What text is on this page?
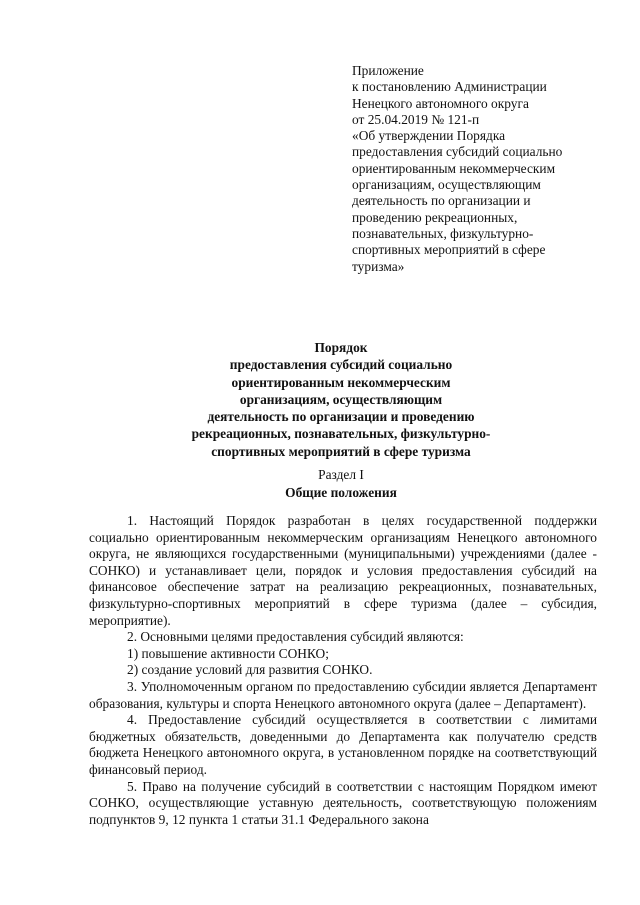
Приложение
к постановлению Администрации
Ненецкого автономного округа
от 25.04.2019 № 121-п
«Об утверждении Порядка
предоставления субсидий социально
ориентированным некоммерческим
организациям, осуществляющим
деятельность по организации и
проведению рекреационных,
познавательных, физкультурно-
спортивных мероприятий в сфере
туризма»
Порядок
предоставления субсидий социально
ориентированным некоммерческим
организациям, осуществляющим
деятельность по организации и проведению
рекреационных, познавательных, физкультурно-
спортивных мероприятий в сфере туризма
Раздел I
Общие положения

1. Настоящий Порядок разработан в целях государственной поддержки социально ориентированным некоммерческим организациям Ненецкого автономного округа, не являющихся государственными (муниципальными) учреждениями (далее - СОНКО) и устанавливает цели, порядок и условия предоставления субсидий на финансовое обеспечение затрат на реализацию рекреационных, познавательных, физкультурно-спортивных мероприятий в сфере туризма (далее – субсидия, мероприятие).

2. Основными целями предоставления субсидий являются:

1) повышение активности СОНКО;

2) создание условий для развития СОНКО.

3. Уполномоченным органом по предоставлению субсидии является Департамент образования, культуры и спорта Ненецкого автономного округа (далее – Департамент).

4. Предоставление субсидий осуществляется в соответствии с лимитами бюджетных обязательств, доведенными до Департамента как получателю средств бюджета Ненецкого автономного округа, в установленном порядке на соответствующий финансовый период.

5. Право на получение субсидий в соответствии с настоящим Порядком имеют СОНКО, осуществляющие уставную деятельность, соответствующую положениям подпунктов 9, 12 пункта 1 статьи 31.1 Федерального закона
